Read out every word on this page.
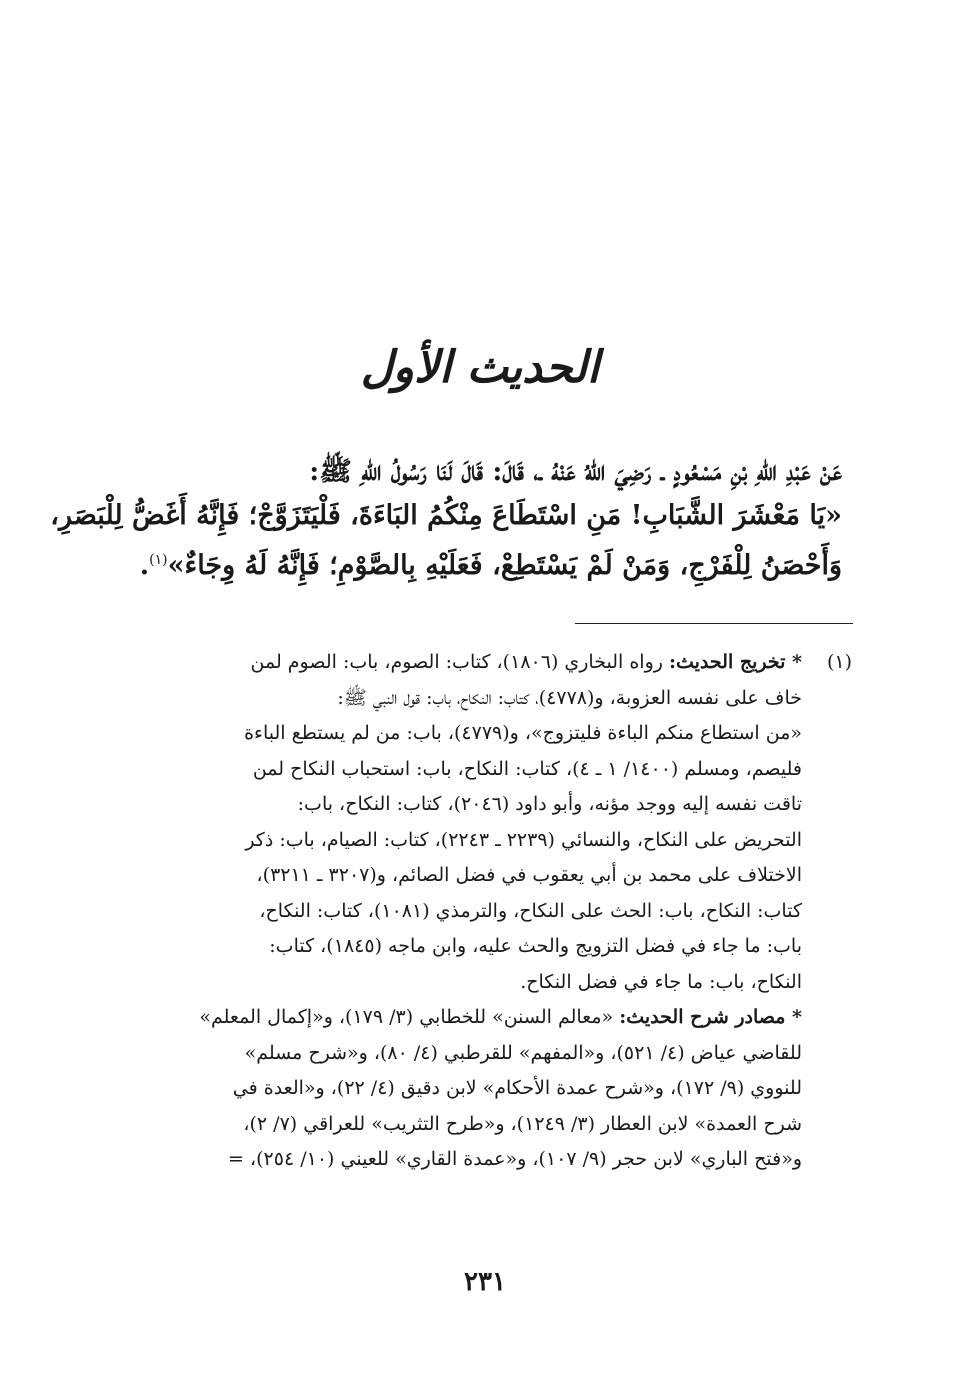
الحديث الأول
عَنْ عَبْدِ اللهِ بْنِ مَسْعُودٍ ـ رَضِيَ اللهُ عَنْهُ ـ، قَالَ: قَالَ لَنَا رَسُولُ اللهِ ﷺ:
«يَا مَعْشَرَ الشَّبَابِ! مَنِ اسْتَطَاعَ مِنْكُمُ البَاءَةَ، فَلْيَتَزَوَّجْ؛ فَإِنَّهُ أَغَضُّ لِلْبَصَرِ،
وَأَحْصَنُ لِلْفَرْجِ، وَمَنْ لَمْ يَسْتَطِعْ، فَعَلَيْهِ بِالصَّوْمِ؛ فَإِنَّهُ لَهُ وِجَاءٌ»$^{(١)}$.
(١)
* تخريج الحديث: رواه البخاري (١٨٠٦)، كتاب: الصوم، باب: الصوم لمن
خاف على نفسه العزوبة، و(٤٧٧٨)، كتاب: النكاح، باب: قول النبي ﷺ:
«من استطاع منكم الباءة فليتزوج»، و(٤٧٧٩)، باب: من لم يستطع الباءة
فليصم، ومسلم (١٤٠٠/ ١ ـ ٤)، كتاب: النكاح، باب: استحباب النكاح لمن
تاقت نفسه إليه ووجد مؤنه، وأبو داود (٢٠٤٦)، كتاب: النكاح، باب:
التحريض على النكاح، والنسائي (٢٢٣٩ ـ ٢٢٤٣)، كتاب: الصيام، باب: ذكر
الاختلاف على محمد بن أبي يعقوب في فضل الصائم، و(٣٢٠٧ ـ ٣٢١١)،
كتاب: النكاح، باب: الحث على النكاح، والترمذي (١٠٨١)، كتاب: النكاح،
باب: ما جاء في فضل التزويج والحث عليه، وابن ماجه (١٨٤٥)، كتاب:
النكاح، باب: ما جاء في فضل النكاح.
* مصادر شرح الحديث: «معالم السنن» للخطابي (٣/ ١٧٩)، و«إكمال المعلم»
للقاضي عياض (٤/ ٥٢١)، و«المفهم» للقرطبي (٤/ ٨٠)، و«شرح مسلم»
للنووي (٩/ ١٧٢)، و«شرح عمدة الأحكام» لابن دقيق (٤/ ٢٢)، و«العدة في
شرح العمدة» لابن العطار (٣/ ١٢٤٩)، و«طرح التثريب» للعراقي (٧/ ٢)،
و«فتح الباري» لابن حجر (٩/ ١٠٧)، و«عمدة القاري» للعيني (١٠/ ٢٥٤)، =
٢٣١
